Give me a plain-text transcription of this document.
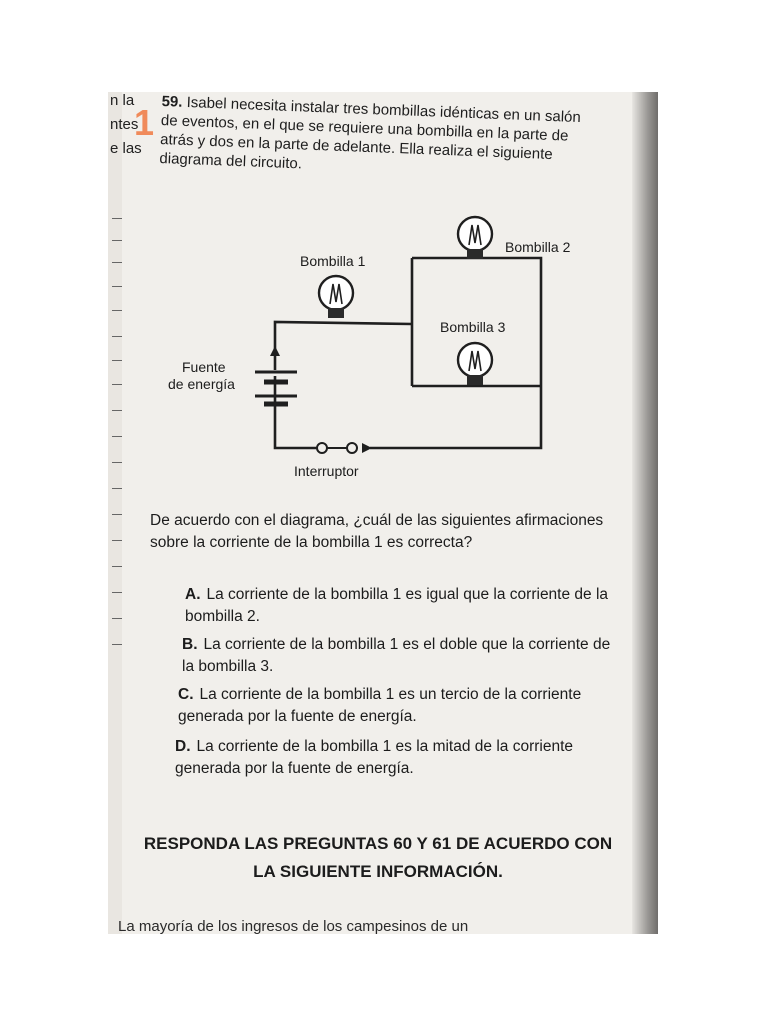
n la
ntes
e las
1
59. Isabel necesita instalar tres bombillas idénticas en un salón de eventos, en el que se requiere una bombilla en la parte de atrás y dos en la parte de adelante. Ella realiza el siguiente diagrama del circuito.
Bombilla 1
Bombilla 2
Bombilla 3
Fuente
de energía
Interruptor
De acuerdo con el diagrama, ¿cuál de las siguientes afirmaciones sobre la corriente de la bombilla 1 es correcta?
A. La corriente de la bombilla 1 es igual que la corriente de la bombilla 2.
B. La corriente de la bombilla 1 es el doble que la corriente de la bombilla 3.
C. La corriente de la bombilla 1 es un tercio de la corriente generada por la fuente de energía.
D. La corriente de la bombilla 1 es la mitad de la corriente generada por la fuente de energía.
RESPONDA LAS PREGUNTAS 60 Y 61 DE ACUERDO CON
LA SIGUIENTE INFORMACIÓN.
La mayoría de los ingresos de los campesinos de un
